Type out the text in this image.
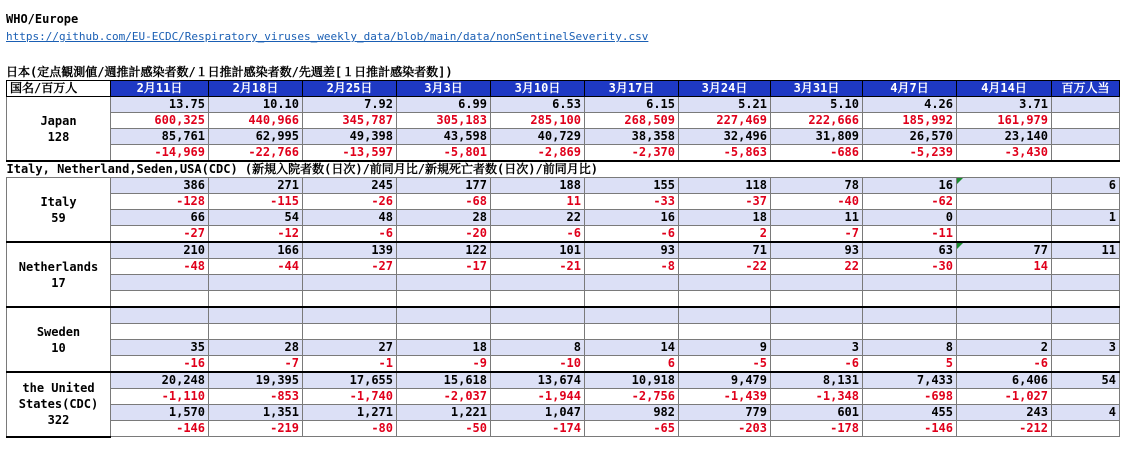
WHO/Europe
https://github.com/EU-ECDC/Respiratory_viruses_weekly_data/blob/main/data/nonSentinelSeverity.csv
日本(定点観測値/週推計感染者数/１日推計感染者数/先週差[１日推計感染者数])
国名/百万人	2月11日	2月18日	2月25日	3月3日	3月10日	3月17日	3月24日	3月31日	4月7日	4月14日	百万人当

Japan
128	13.75	10.10	7.92	6.99	6.53	6.15	5.21	5.10	4.26	3.71	
	600,325	440,966	345,787	305,183	285,100	268,509	227,469	222,666	185,992	161,979	
	85,761	62,995	49,398	43,598	40,729	38,358	32,496	31,809	26,570	23,140	
	-14,969	-22,766	-13,597	-5,801	-2,869	-2,370	-5,863	-686	-5,239	-3,430	
Italy, Netherland,Seden,USA(CDC) (新規入院者数(日次)/前同月比/新規死亡者数(日次)/前同月比)											

Italy
59	386	271	245	177	188	155	118	78	16		6
	-128	-115	-26	-68	11	-33	-37	-40	-62		
	66	54	48	28	22	16	18	11	0		1
	-27	-12	-6	-20	-6	-6	2	-7	-11		

Netherlands
17	210	166	139	122	101	93	71	93	63	77	11
	-48	-44	-27	-17	-21	-8	-22	22	-30	14	

Sweden
10											

	35	28	27	18	8	14	9	3	8	2	3
	-16	-7	-1	-9	-10	6	-5	-6	5	-6	

the United
States(CDC)
322	20,248	19,395	17,655	15,618	13,674	10,918	9,479	8,131	7,433	6,406	54
	-1,110	-853	-1,740	-2,037	-1,944	-2,756	-1,439	-1,348	-698	-1,027	
	1,570	1,351	1,271	1,221	1,047	982	779	601	455	243	4
	-146	-219	-80	-50	-174	-65	-203	-178	-146	-212	
